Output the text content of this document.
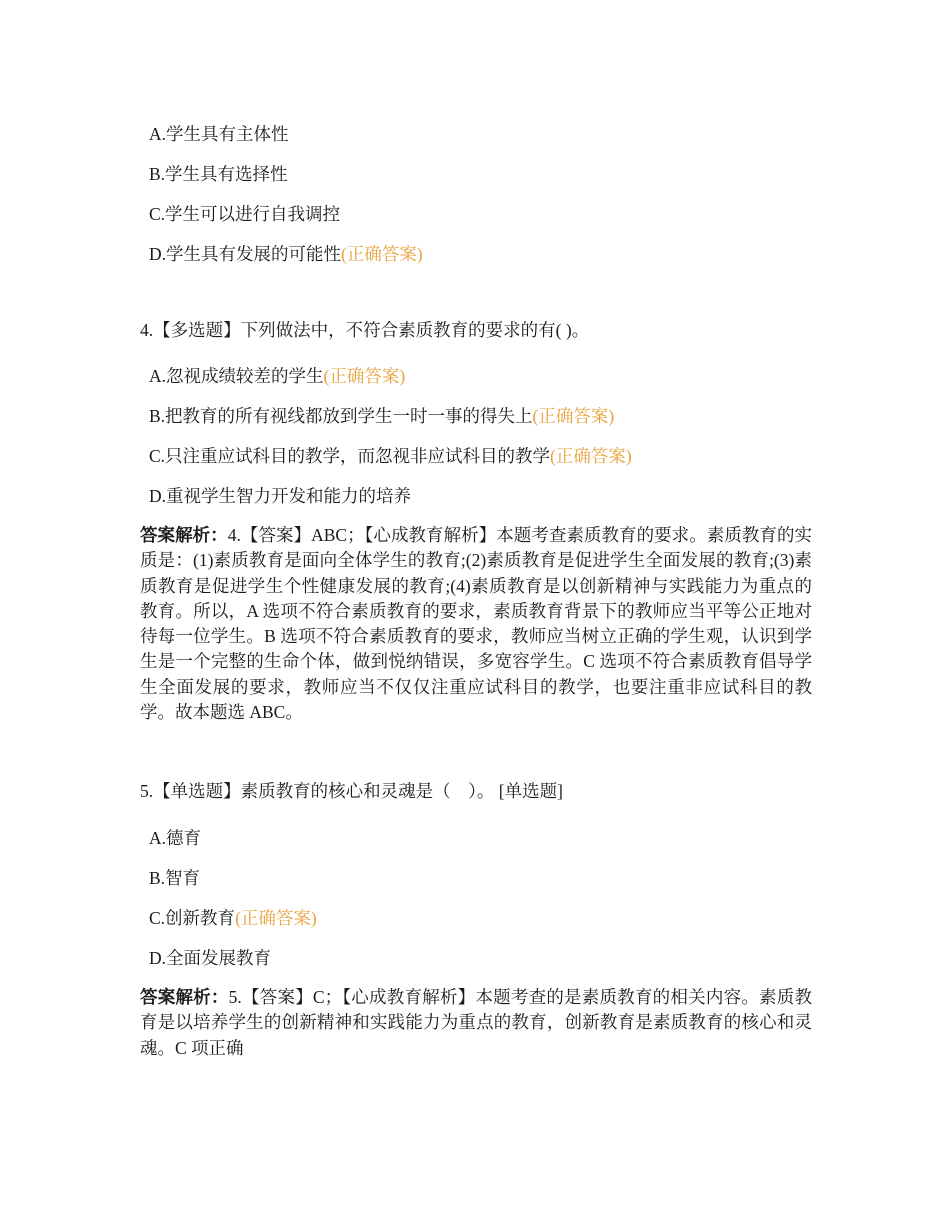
A.学生具有主体性
B.学生具有选择性
C.学生可以进行自我调控
D.学生具有发展的可能性(正确答案)
4.【多选题】下列做法中，不符合素质教育的要求的有( )。
A.忽视成绩较差的学生(正确答案)
B.把教育的所有视线都放到学生一时一事的得失上(正确答案)
C.只注重应试科目的教学，而忽视非应试科目的教学(正确答案)
D.重视学生智力开发和能力的培养
答案解析：4.【答案】ABC；【心成教育解析】本题考查素质教育的要求。素质教育的实质是：(1)素质教育是面向全体学生的教育;(2)素质教育是促进学生全面发展的教育;(3)素质教育是促进学生个性健康发展的教育;(4)素质教育是以创新精神与实践能力为重点的教育。所以，A 选项不符合素质教育的要求，素质教育背景下的教师应当平等公正地对待每一位学生。B 选项不符合素质教育的要求，教师应当树立正确的学生观，认识到学生是一个完整的生命个体，做到悦纳错误，多宽容学生。C 选项不符合素质教育倡导学生全面发展的要求，教师应当不仅仅注重应试科目的教学，也要注重非应试科目的教学。故本题选 ABC。
5.【单选题】素质教育的核心和灵魂是（　）。 [单选题]
A.德育
B.智育
C.创新教育(正确答案)
D.全面发展教育
答案解析：5.【答案】C；【心成教育解析】本题考查的是素质教育的相关内容。素质教育是以培养学生的创新精神和实践能力为重点的教育，创新教育是素质教育的核心和灵魂。C 项正确
